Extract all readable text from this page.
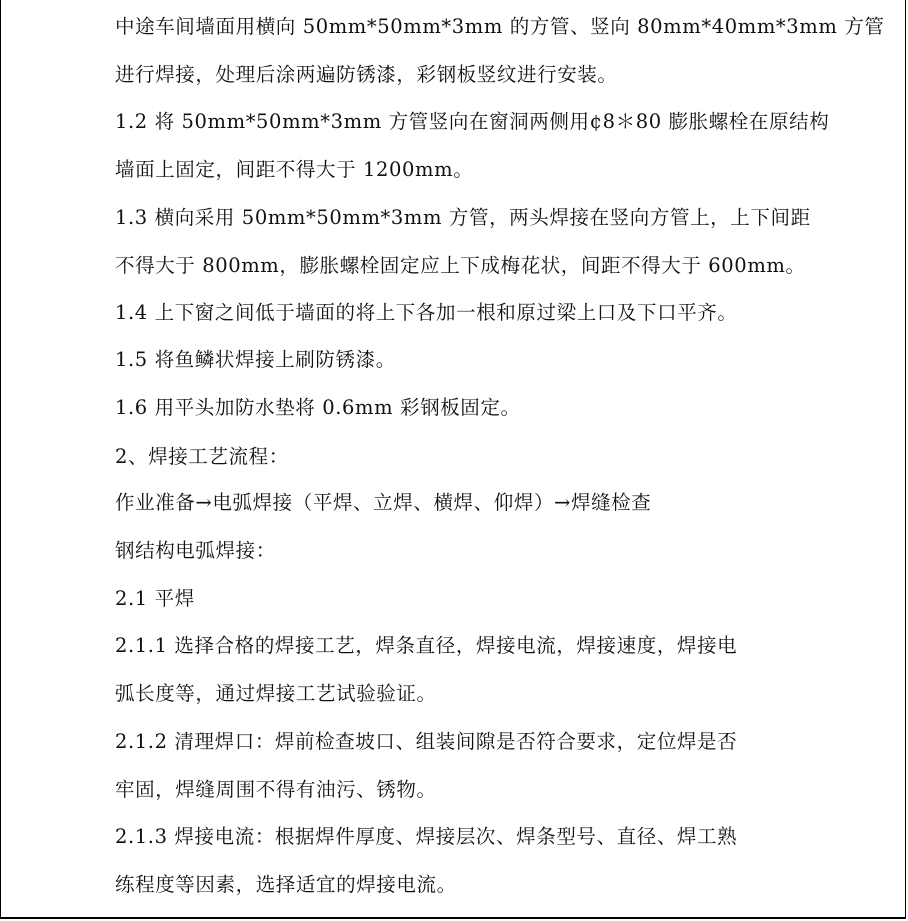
中途车间墙面用横向 50mm*50mm*3mm 的方管、竖向 80mm*40mm*3mm 方管
进行焊接，处理后涂两遍防锈漆，彩钢板竖纹进行安装。
1.2 将 50mm*50mm*3mm 方管竖向在窗洞两侧用¢8＊80 膨胀螺栓在原结构
墙面上固定，间距不得大于 1200mm。
1.3 横向采用 50mm*50mm*3mm 方管，两头焊接在竖向方管上，上下间距
不得大于 800mm，膨胀螺栓固定应上下成梅花状，间距不得大于 600mm。
1.4 上下窗之间低于墙面的将上下各加一根和原过梁上口及下口平齐。
1.5 将鱼鳞状焊接上刷防锈漆。
1.6 用平头加防水垫将 0.6mm 彩钢板固定。
2、焊接工艺流程：
作业准备→电弧焊接（平焊、立焊、横焊、仰焊）→焊缝检查
钢结构电弧焊接：
2.1 平焊
2.1.1 选择合格的焊接工艺，焊条直径，焊接电流，焊接速度，焊接电
弧长度等，通过焊接工艺试验验证。
2.1.2 清理焊口：焊前检查坡口、组装间隙是否符合要求，定位焊是否
牢固，焊缝周围不得有油污、锈物。
2.1.3 焊接电流：根据焊件厚度、焊接层次、焊条型号、直径、焊工熟
练程度等因素，选择适宜的焊接电流。
